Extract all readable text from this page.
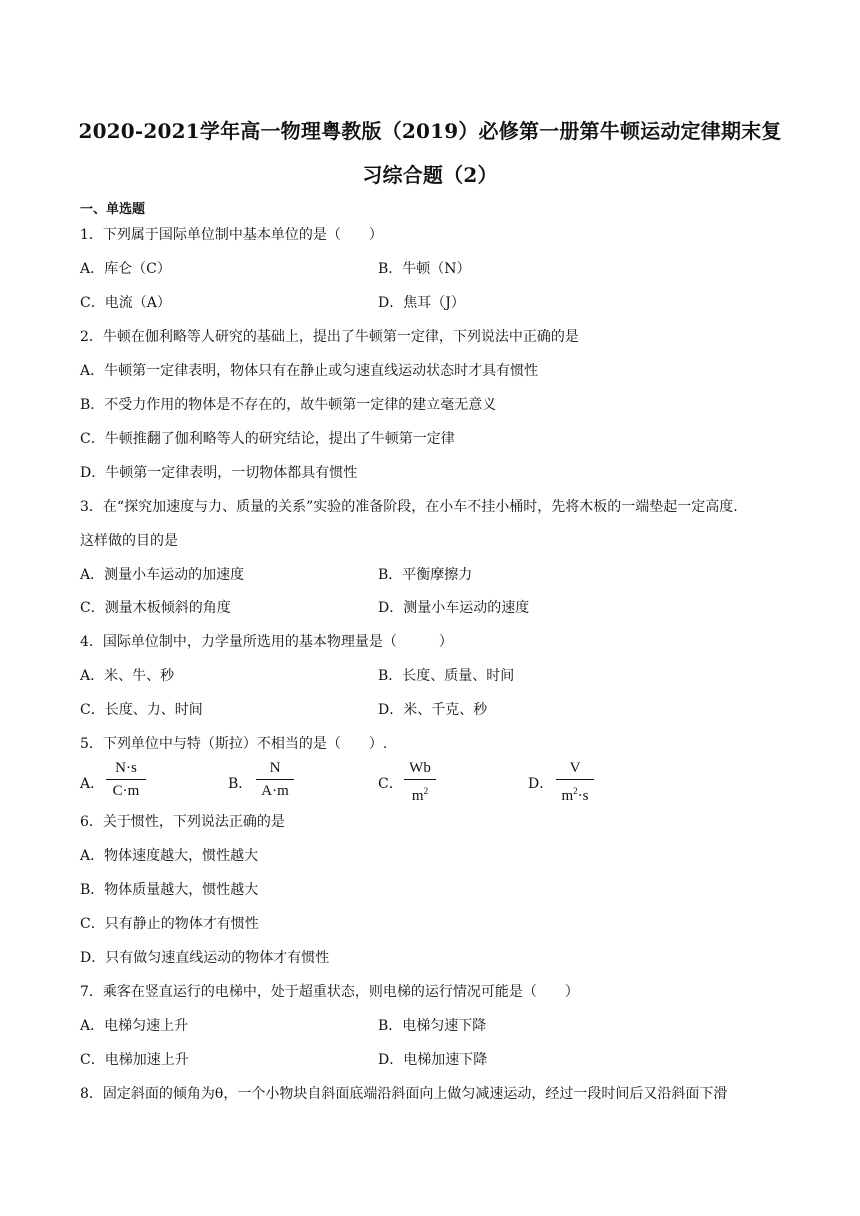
2020-2021学年高一物理粤教版（2019）必修第一册第牛顿运动定律期末复
习综合题（2）
一、单选题
1．下列属于国际单位制中基本单位的是（　　）
A．库仑（C）	B．牛顿（N）
C．电流（A）	D．焦耳（J）
2．牛顿在伽利略等人研究的基础上，提出了牛顿第一定律，下列说法中正确的是
A．牛顿第一定律表明，物体只有在静止或匀速直线运动状态时才具有惯性
B．不受力作用的物体是不存在的，故牛顿第一定律的建立毫无意义
C．牛顿推翻了伽利略等人的研究结论，提出了牛顿第一定律
D．牛顿第一定律表明，一切物体都具有惯性
3．在“探究加速度与力、质量的关系”实验的准备阶段，在小车不挂小桶时，先将木板的一端垫起一定高度.
这样做的目的是
A．测量小车运动的加速度	B．平衡摩擦力
C．测量木板倾斜的角度	D．测量小车运动的速度
4．国际单位制中，力学量所选用的基本物理量是（　　　）
A．米、牛、秒	B．长度、质量、时间
C．长度、力、时间	D．米、千克、秒
5．下列单位中与特（斯拉）不相当的是（　　）.
A．
N·s
C·m	B．
N
A·m	C．
Wb
$m^2$	D．
V
$m^2\cdot s$
6．关于惯性，下列说法正确的是
A．物体速度越大，惯性越大
B．物体质量越大，惯性越大
C．只有静止的物体才有惯性
D．只有做匀速直线运动的物体才有惯性
7．乘客在竖直运行的电梯中，处于超重状态，则电梯的运行情况可能是（　　）
A．电梯匀速上升	B．电梯匀速下降
C．电梯加速上升	D．电梯加速下降
8．固定斜面的倾角为θ，一个小物块自斜面底端沿斜面向上做匀减速运动，经过一段时间后又沿斜面下滑
